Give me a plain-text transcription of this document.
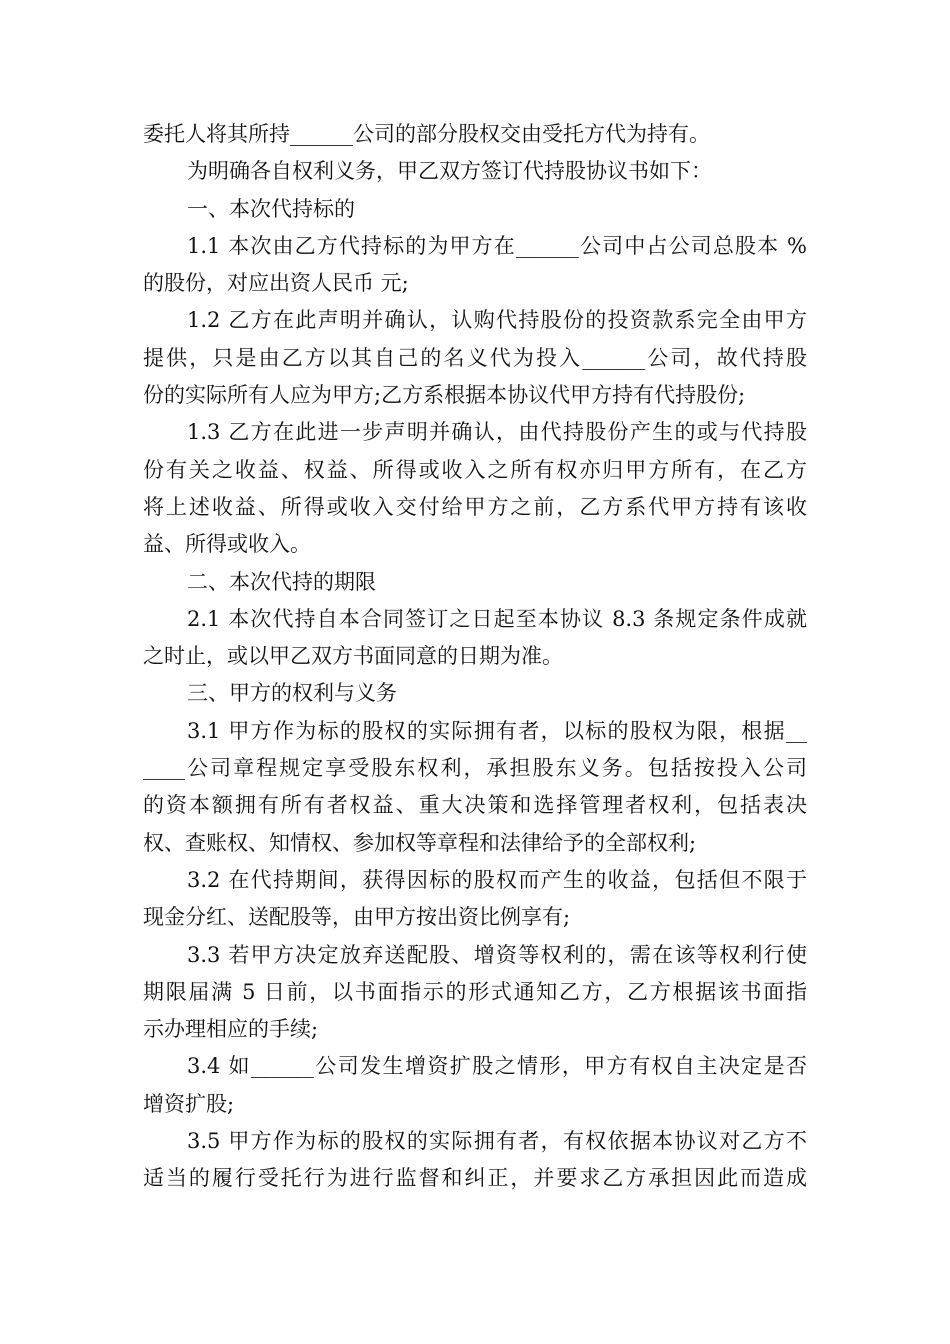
委托人将其所持______公司的部分股权交由受托方代为持有。
为明确各自权利义务，甲乙双方签订代持股协议书如下：
一、本次代持标的
1.1 本次由乙方代持标的为甲方在______公司中占公司总股本 %
的股份，对应出资人民币 元;
1.2 乙方在此声明并确认，认购代持股份的投资款系完全由甲方
提供，只是由乙方以其自己的名义代为投入______公司，故代持股
份的实际所有人应为甲方;乙方系根据本协议代甲方持有代持股份;
1.3 乙方在此进一步声明并确认，由代持股份产生的或与代持股
份有关之收益、权益、所得或收入之所有权亦归甲方所有，在乙方
将上述收益、所得或收入交付给甲方之前，乙方系代甲方持有该收
益、所得或收入。
二、本次代持的期限
2.1 本次代持自本合同签订之日起至本协议 8.3 条规定条件成就
之时止，或以甲乙双方书面同意的日期为准。
三、甲方的权利与义务
3.1 甲方作为标的股权的实际拥有者，以标的股权为限，根据__
____公司章程规定享受股东权利，承担股东义务。包括按投入公司
的资本额拥有所有者权益、重大决策和选择管理者权利，包括表决
权、查账权、知情权、参加权等章程和法律给予的全部权利;
3.2 在代持期间，获得因标的股权而产生的收益，包括但不限于
现金分红、送配股等，由甲方按出资比例享有;
3.3 若甲方决定放弃送配股、增资等权利的，需在该等权利行使
期限届满 5 日前，以书面指示的形式通知乙方，乙方根据该书面指
示办理相应的手续;
3.4 如______公司发生增资扩股之情形，甲方有权自主决定是否
增资扩股;
3.5 甲方作为标的股权的实际拥有者，有权依据本协议对乙方不
适当的履行受托行为进行监督和纠正，并要求乙方承担因此而造成
